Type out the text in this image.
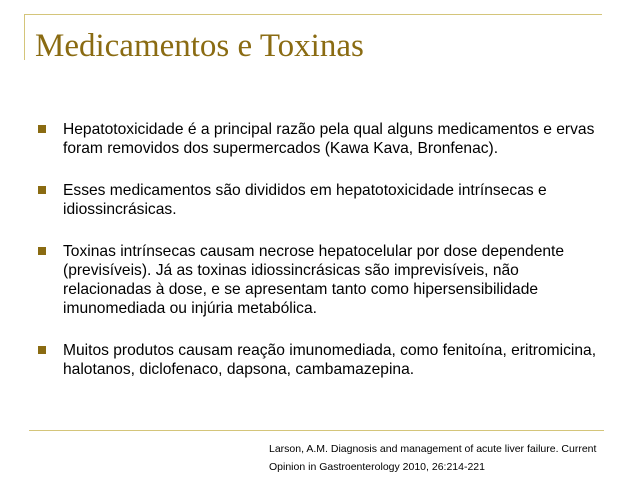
Medicamentos e Toxinas
Hepatotoxicidade é a principal razão pela qual alguns medicamentos e ervas foram removidos dos supermercados (Kawa Kava, Bronfenac).
Esses medicamentos são divididos em hepatotoxicidade intrínsecas e idiossincrásicas.
Toxinas intrínsecas causam necrose hepatocelular por dose dependente (previsíveis). Já as toxinas idiossincrásicas são imprevisíveis, não relacionadas à dose, e se apresentam tanto como hipersensibilidade imunomediada ou injúria metabólica.
Muitos produtos causam reação imunomediada, como fenitoína, eritromicina, halotanos, diclofenaco, dapsona, cambamazepina.
Larson, A.M. Diagnosis and management of acute liver failure. Current Opinion in Gastroenterology 2010, 26:214-221
